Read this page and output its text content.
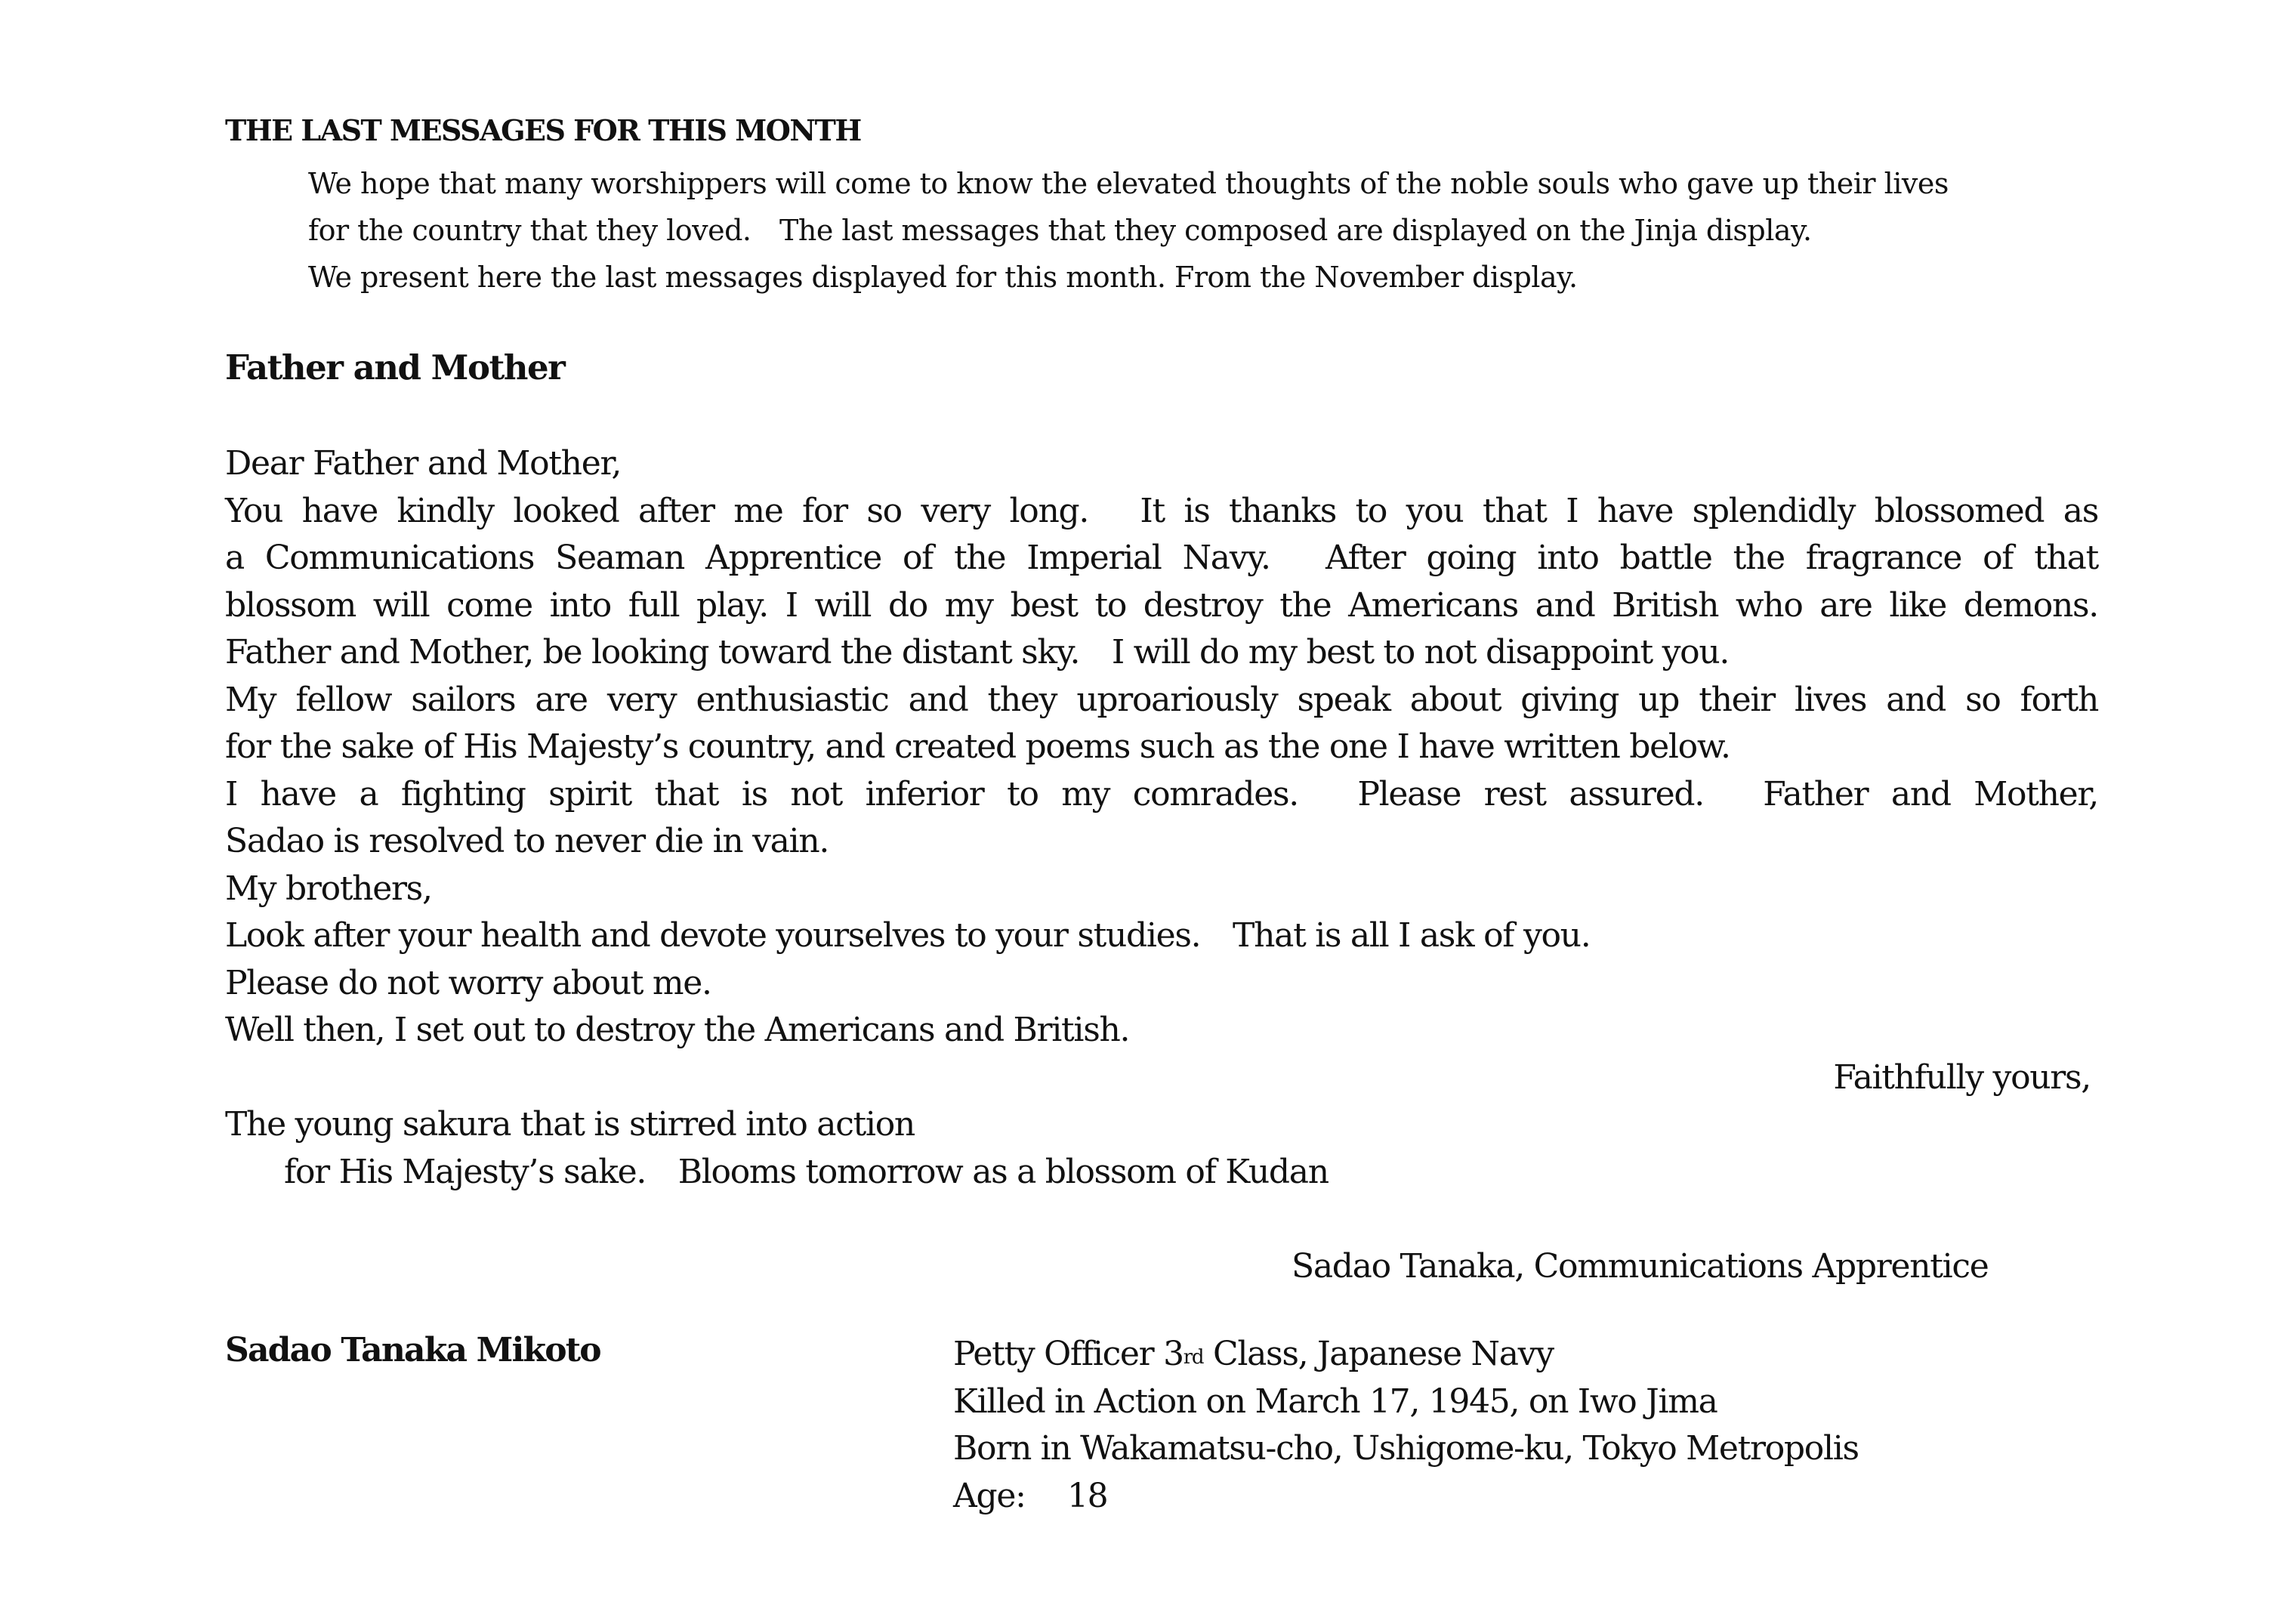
THE LAST MESSAGES FOR THIS MONTH
We hope that many worshippers will come to know the elevated thoughts of the noble souls who gave up their lives
for the country that they loved.　The last messages that they composed are displayed on the Jinja display.
We present here the last messages displayed for this month. From the November display.
Father and Mother
Dear Father and Mother,
You have kindly looked after me for so very long.　It is thanks to you that I have splendidly blossomed as
a Communications Seaman Apprentice of the Imperial Navy.　After going into battle the fragrance of that
blossom will come into full play. I will do my best to destroy the Americans and British who are like demons.
Father and Mother, be looking toward the distant sky.　I will do my best to not disappoint you.
My fellow sailors are very enthusiastic and they uproariously speak about giving up their lives and so forth
for the sake of His Majesty’s country, and created poems such as the one I have written below.
I have a fighting spirit that is not inferior to my comrades.　Please rest assured.　Father and Mother,
Sadao is resolved to never die in vain.
My brothers,
Look after your health and devote yourselves to your studies.　That is all I ask of you.
Please do not worry about me.
Well then, I set out to destroy the Americans and British.
Faithfully yours,
The young sakura that is stirred into action
for His Majesty’s sake.　Blooms tomorrow as a blossom of Kudan
Sadao Tanaka, Communications Apprentice
Sadao Tanaka Mikoto	Petty Officer 3rd Class, Japanese Navy
Killed in Action on March 17, 1945, on Iwo Jima
Born in Wakamatsu-cho, Ushigome-ku, Tokyo Metropolis
Age:　 18
